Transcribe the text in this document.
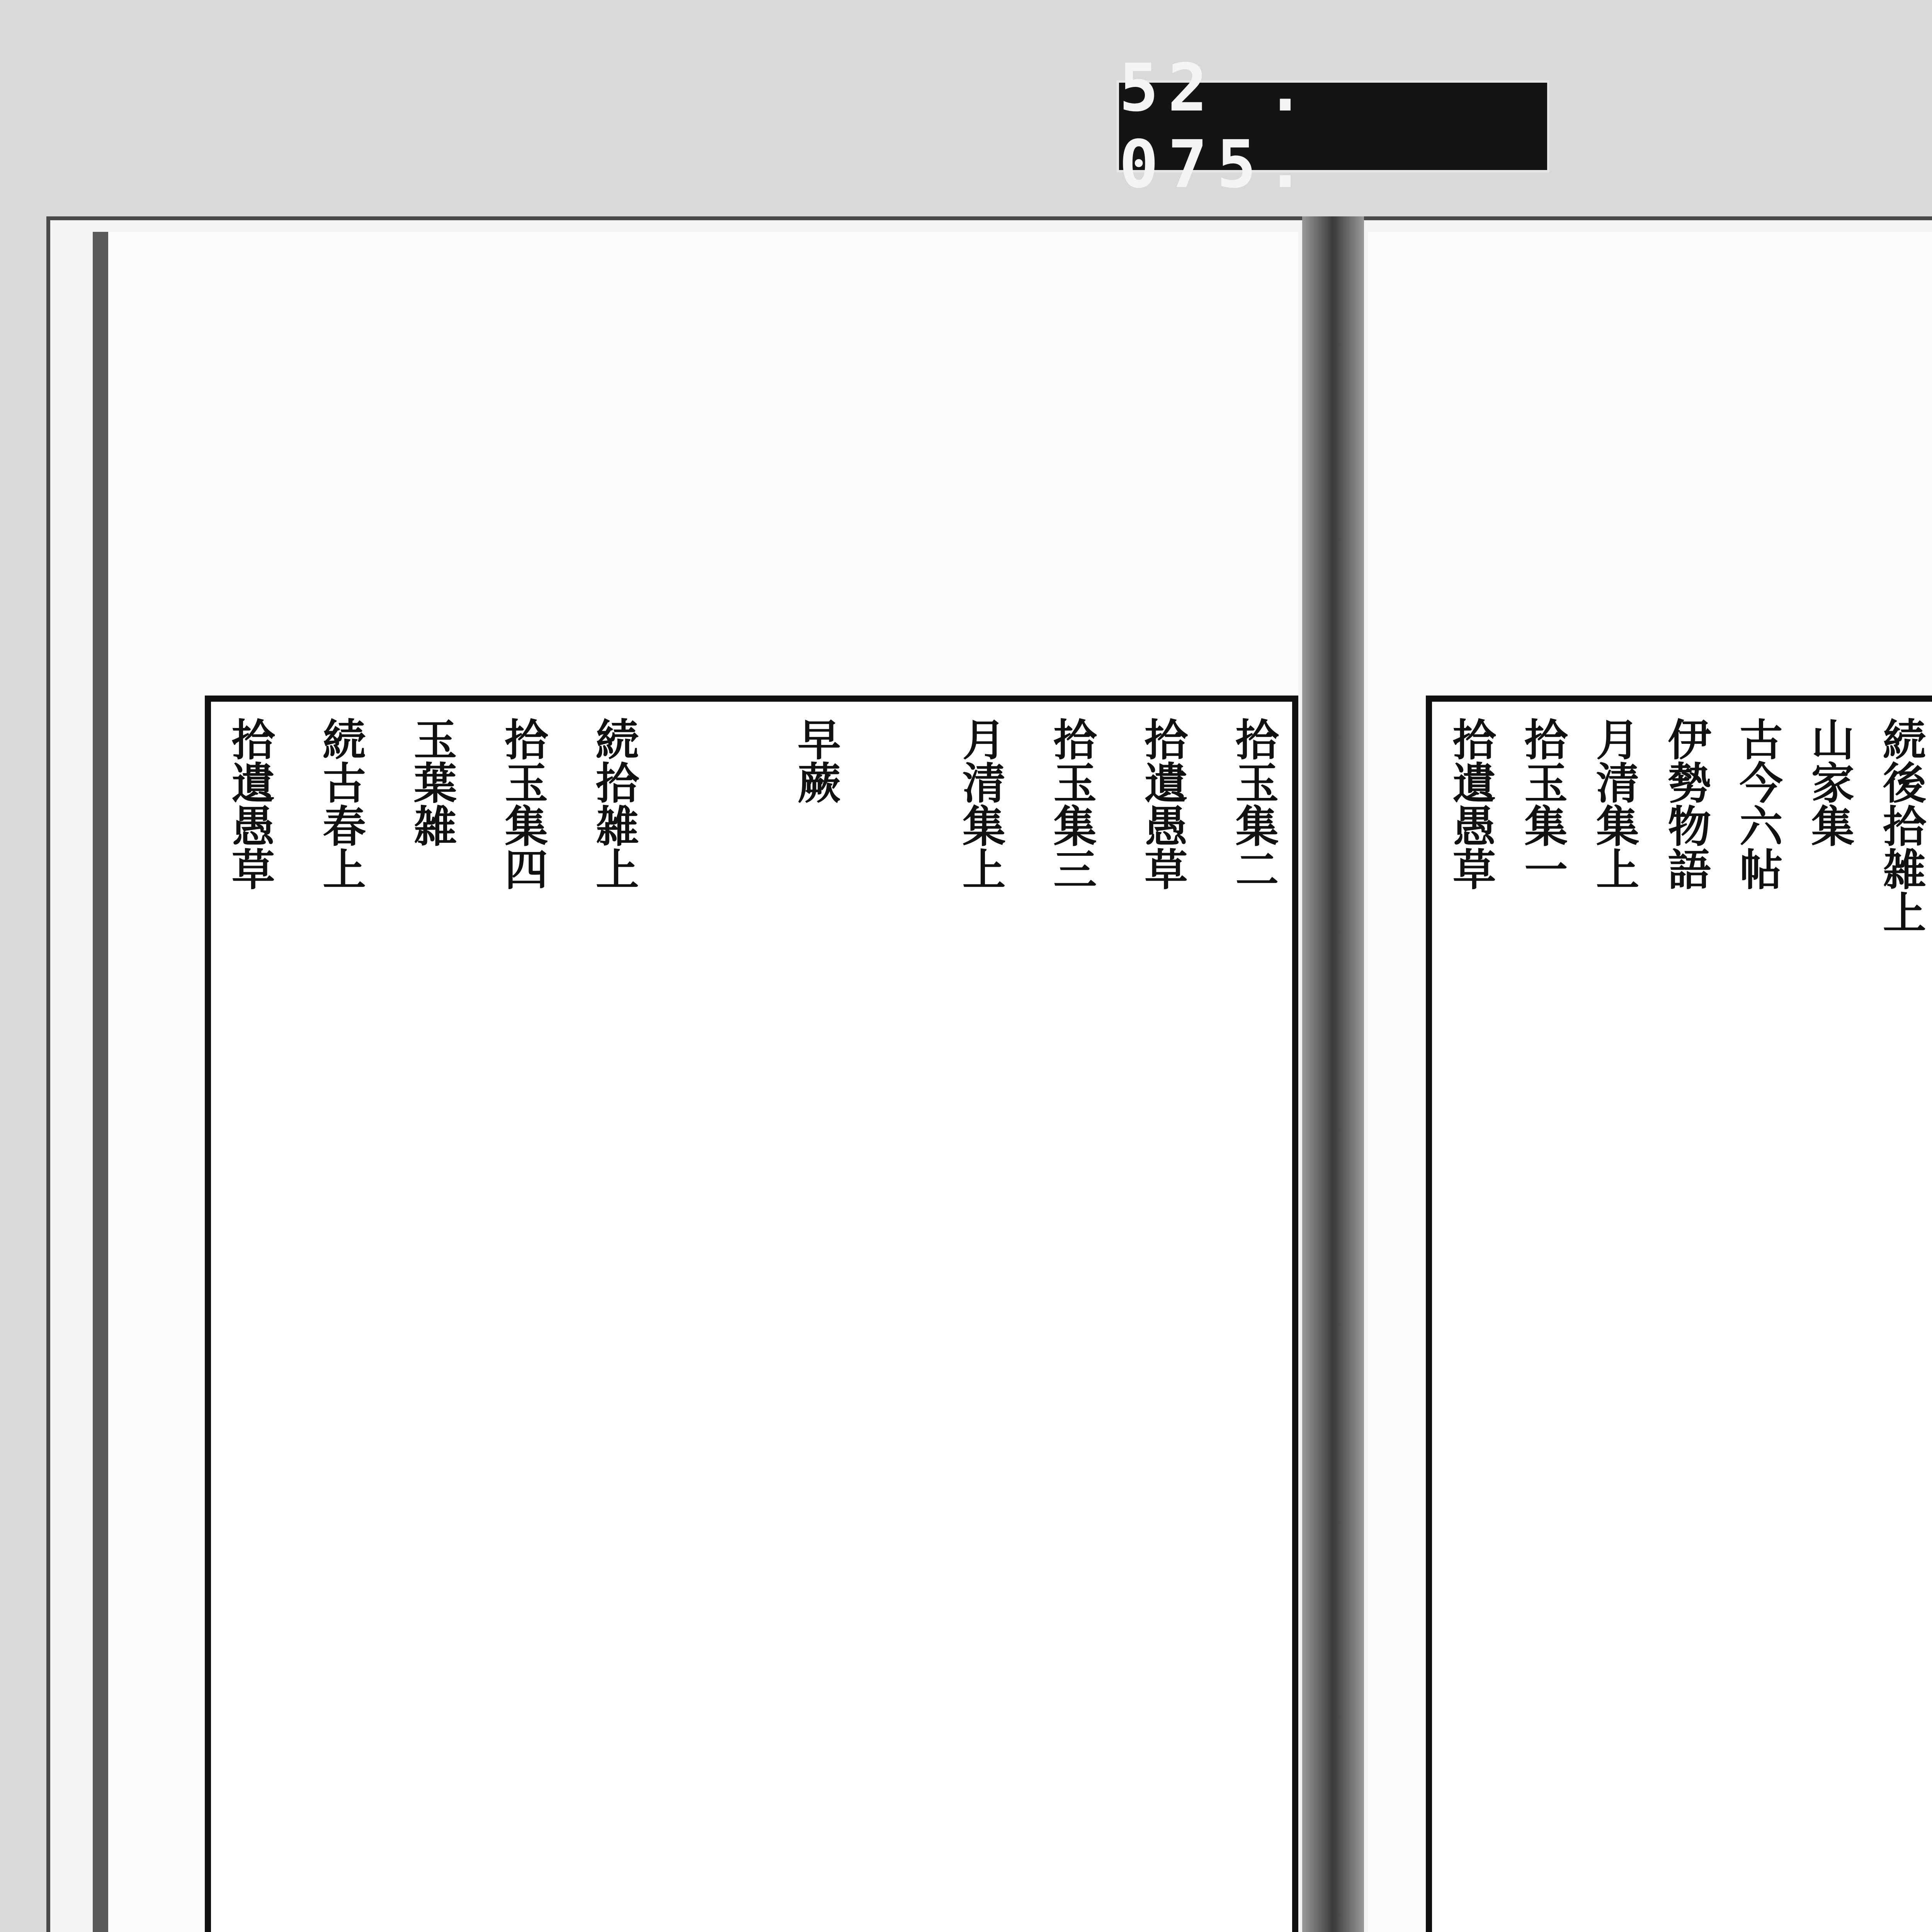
52 . 075.
拾玉集二
拾遺愚草
拾玉集三
月清集上
早蕨
続拾雑上
拾玉集四
玉葉雑
続古春上
拾遺愚草	続後拾雑上
山家集
古今六帖
伊勢物語
月清集上
拾玉集一
拾遺愚草
